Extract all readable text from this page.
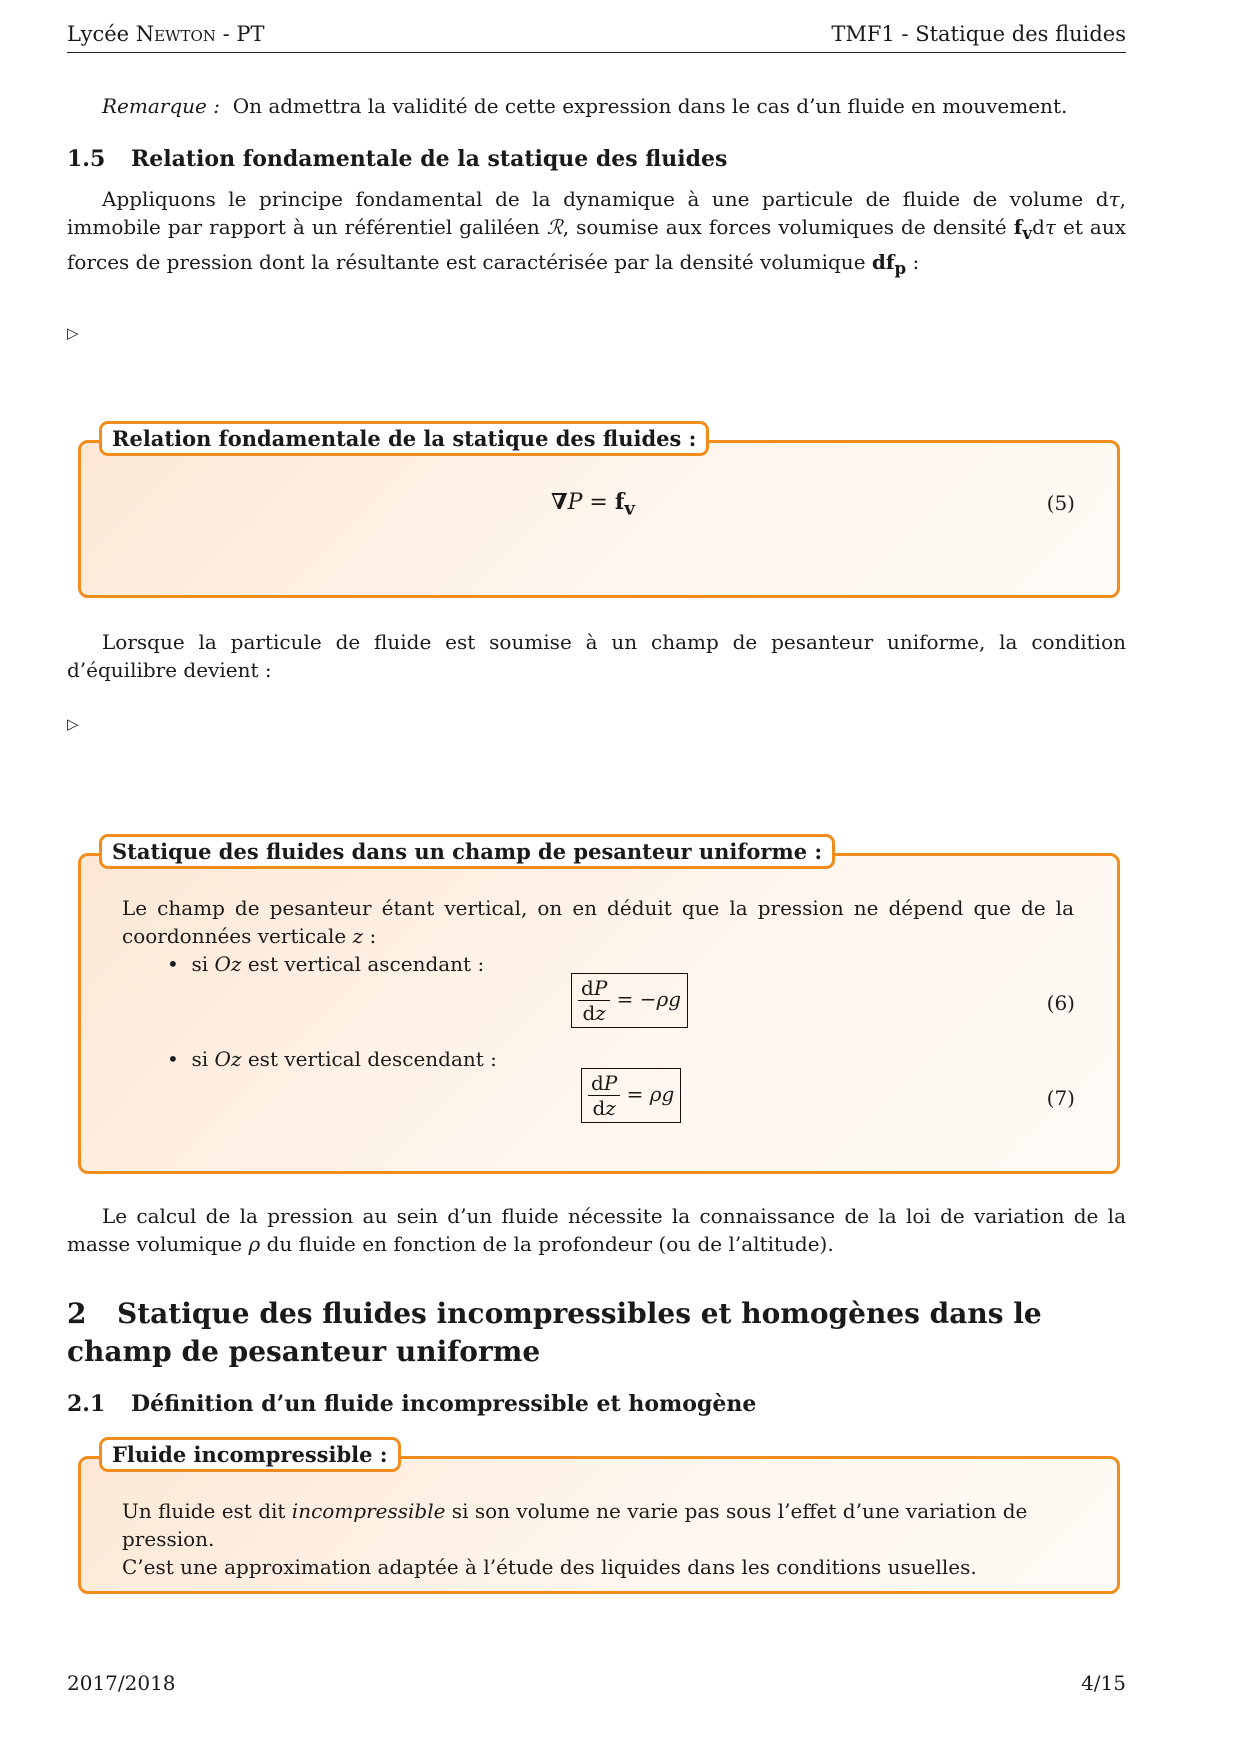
Lycée Newton - PT	TMF1 - Statique des fluides
Remarque : On admettra la validité de cette expression dans le cas d’un fluide en mouvement.
1.5 Relation fondamentale de la statique des fluides
Appliquons le principe fondamental de la dynamique à une particule de fluide de volume dτ, immobile par rapport à un référentiel galiléen ℛ, soumise aux forces volumiques de densité $f_vd\tau$ et aux forces de pression dont la résultante est caractérisée par la densité volumique $df_p$ :
▷
$\nabla P = f_v$	(5)
Relation fondamentale de la statique des fluides :
Lorsque la particule de fluide est soumise à un champ de pesanteur uniforme, la condition d’équilibre devient :
▷
Le champ de pesanteur étant vertical, on en déduit que la pression ne dépend que de la coordonnées verticale z :
• si Oz est vertical ascendant :
$\frac{dP}{dz} = -\rho g$	(6)
• si Oz est vertical descendant :
$\frac{dP}{dz} = \rho g$	(7)
Statique des fluides dans un champ de pesanteur uniforme :
Le calcul de la pression au sein d’un fluide nécessite la connaissance de la loi de variation de la masse volumique ρ du fluide en fonction de la profondeur (ou de l’altitude).
2 Statique des fluides incompressibles et homogènes dans le champ de pesanteur uniforme
2.1 Définition d’un fluide incompressible et homogène
Un fluide est dit incompressible si son volume ne varie pas sous l’effet d’une variation de pression.
C’est une approximation adaptée à l’étude des liquides dans les conditions usuelles.
Fluide incompressible :
2017/2018	4/15
